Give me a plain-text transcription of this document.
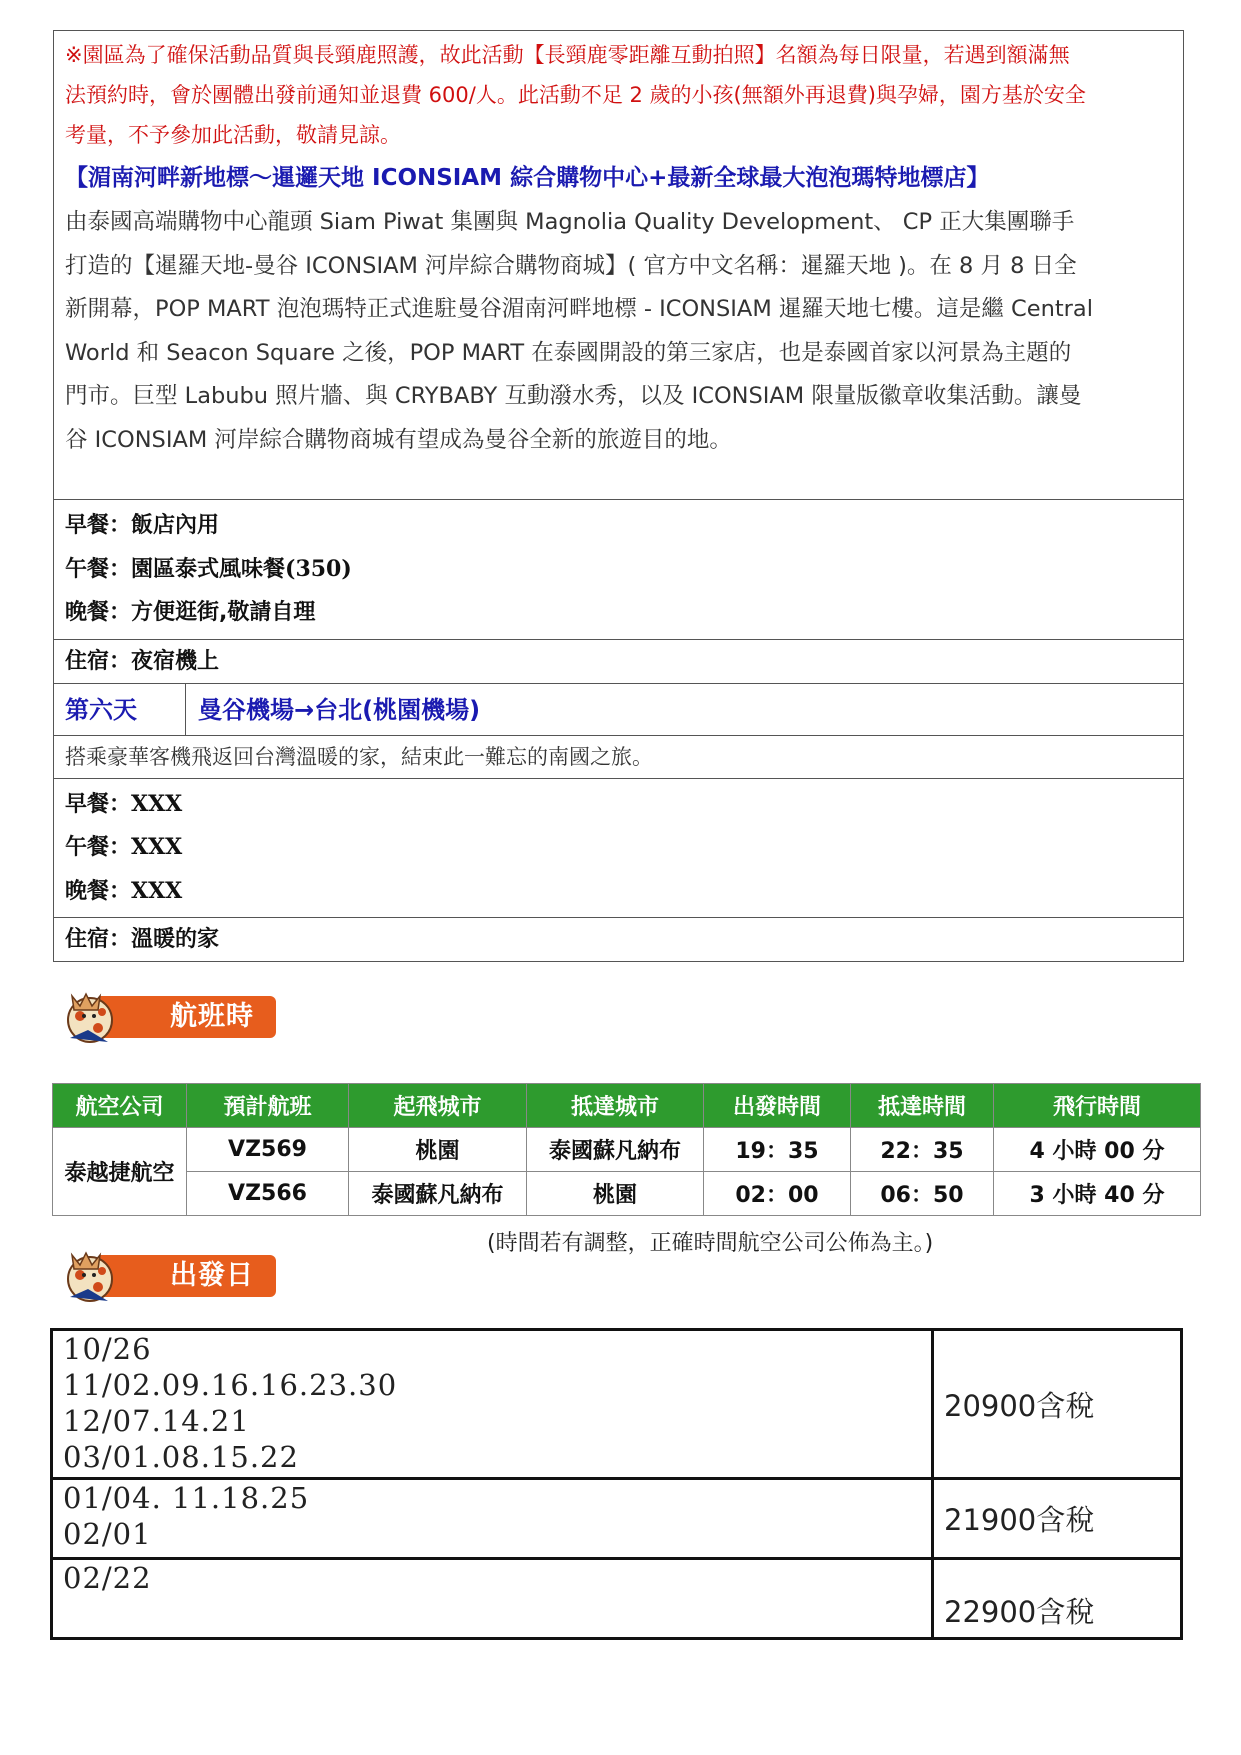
※園區為了確保活動品質與長頸鹿照護，故此活動【長頸鹿零距離互動拍照】名額為每日限量，若遇到額滿無

法預約時，會於團體出發前通知並退費 600/人。此活動不足 2 歲的小孩(無額外再退費)與孕婦，園方基於安全

考量，不予參加此活動，敬請見諒。

【湄南河畔新地標～暹邏天地 ICONSIAM 綜合購物中心+最新全球最大泡泡瑪特地標店】

由泰國高端購物中心龍頭 Siam Piwat 集團與 Magnolia Quality Development、 CP 正大集團聯手

打造的【暹羅天地-曼谷 ICONSIAM 河岸綜合購物商城】( 官方中文名稱：暹羅天地 )。在 8 月 8 日全

新開幕，POP MART 泡泡瑪特正式進駐曼谷湄南河畔地標 - ICONSIAM 暹羅天地七樓。這是繼 Central

World 和 Seacon Square 之後，POP MART 在泰國開設的第三家店，也是泰國首家以河景為主題的

門市。巨型 Labubu 照片牆、與 CRYBABY 互動潑水秀，以及 ICONSIAM 限量版徽章收集活動。讓曼

谷 ICONSIAM 河岸綜合購物商城有望成為曼谷全新的旅遊目的地。

早餐：飯店內用
午餐：園區泰式風味餐(350)
晚餐：方便逛街,敬請自理
住宿：夜宿機上
第六天	曼谷機場→台北(桃園機場)
搭乘豪華客機飛返回台灣溫暖的家，結束此一難忘的南國之旅。
早餐：XXX
午餐：XXX
晚餐：XXX
住宿：溫暖的家
航班時間
航空公司	預計航班	起飛城市	抵達城市	出發時間	抵達時間	飛行時間
泰越捷航空	VZ569	桃園	泰國蘇凡納布	19：35	22：35	4 小時 00 分
	VZ566	泰國蘇凡納布	桃園	02：00	06：50	3 小時 40 分
(時間若有調整，正確時間航空公司公佈為主。)
出發日期
10/26
11/02.09.16.16.23.30
12/07.14.21
03/01.08.15.22	20900含稅

01/04. 11.18.25
02/01	21900含稅

02/22	22900含稅
